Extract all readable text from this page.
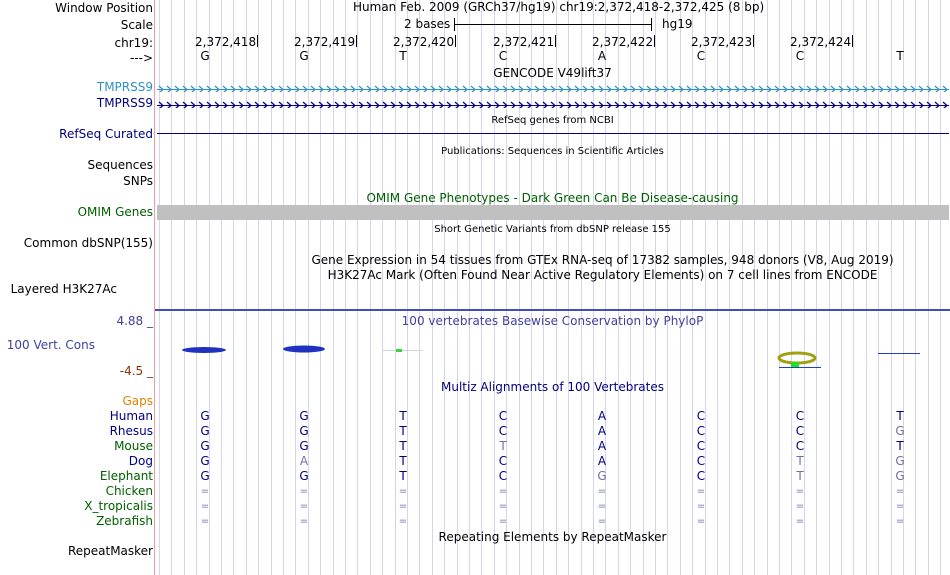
Window Position	Human Feb. 2009 (GRCh37/hg19) chr19:2,372,418-2,372,425 (8 bp)
Scale	2 bases	hg19
chr19:	2,372,418	2,372,419	2,372,420	2,372,421	2,372,422	2,372,423	2,372,424
--->	G	G	T	C	A	C	C	T
GENCODE V49lift37
TMPRSS9
TMPRSS9
RefSeq genes from NCBI
RefSeq Curated
Publications: Sequences in Scientific Articles
Sequences
SNPs
OMIM Gene Phenotypes - Dark Green Can Be Disease-causing
OMIM Genes
Short Genetic Variants from dbSNP release 155
Common dbSNP(155)
Gene Expression in 54 tissues from GTEx RNA-seq of 17382 samples, 948 donors (V8, Aug 2019)
H3K27Ac Mark (Often Found Near Active Regulatory Elements) on 7 cell lines from ENCODE
Layered H3K27Ac
4.88 _	100 vertebrates Basewise Conservation by PhyloP
100 Vert. Cons
-4.5 _
Multiz Alignments of 100 Vertebrates
Gaps
Human	G	G	T	C	A	C	C	T
Rhesus	G	G	T	C	A	C	C	G
Mouse	G	G	T	T	A	C	C	T
Dog	G	A	T	C	A	C	T	G
Elephant	G	G	T	C	G	C	T	G
Chicken	=	=	=	=	=	=	=	=
X_tropicalis	=	=	=	=	=	=	=	=
Zebrafish	=	=	=	=	=	=	=	=
Repeating Elements by RepeatMasker
RepeatMasker
